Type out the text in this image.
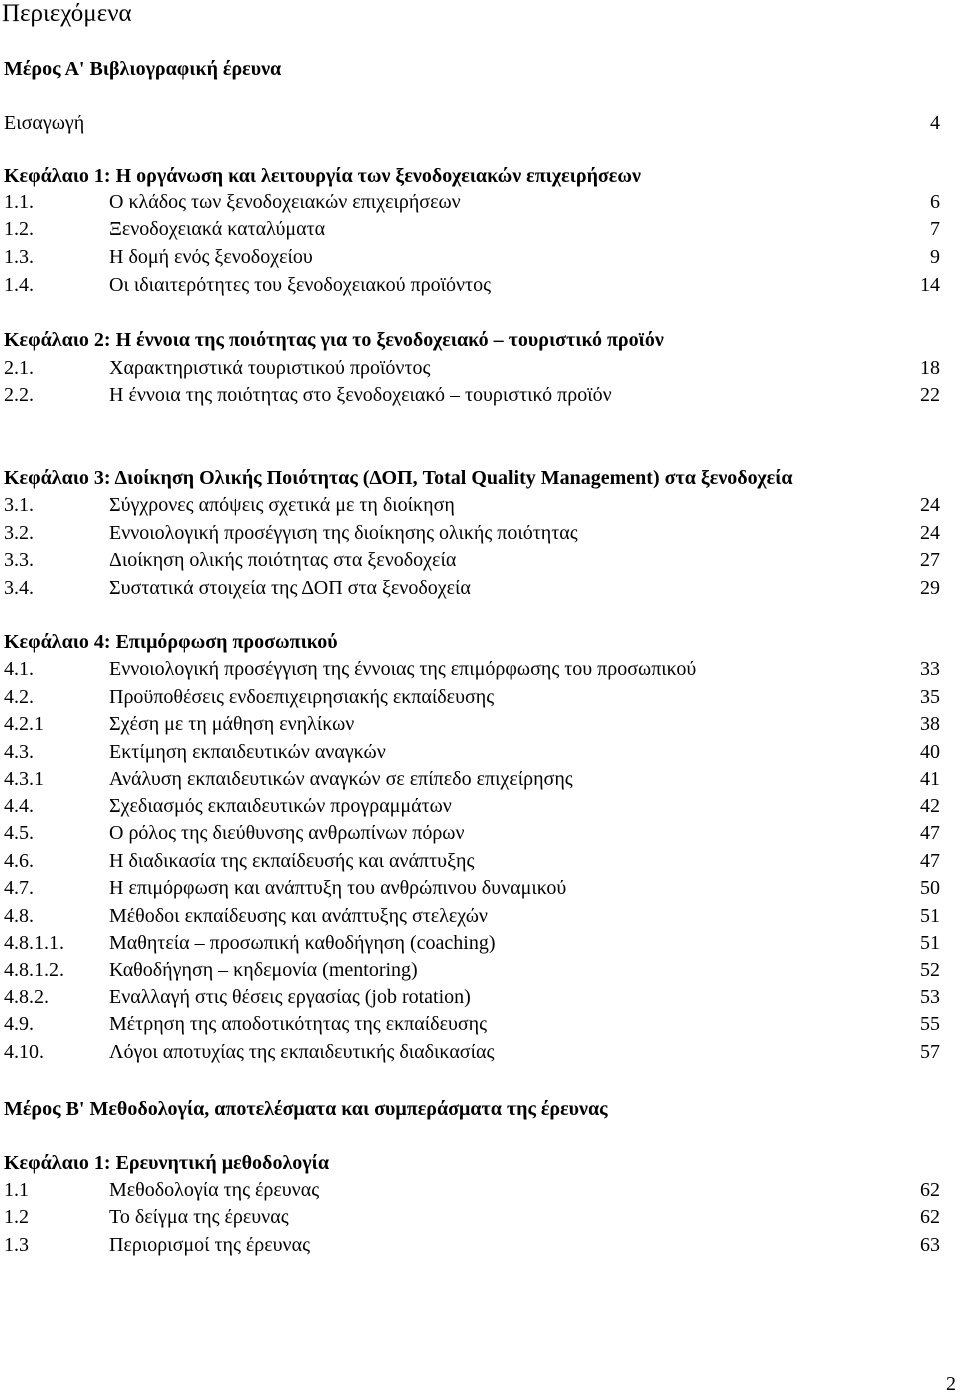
Περιεχόμενα
Μέρος Α' Βιβλιογραφική έρευνα
Εισαγωγή	4
Κεφάλαιο 1: Η οργάνωση και λειτουργία των ξενοδοχειακών επιχειρήσεων
1.1.	Ο κλάδος των ξενοδοχειακών επιχειρήσεων	6
1.2.	Ξενοδοχειακά καταλύματα	7
1.3.	Η δομή ενός ξενοδοχείου	9
1.4.	Οι ιδιαιτερότητες του ξενοδοχειακού προϊόντος	14
Κεφάλαιο 2: Η έννοια της ποιότητας για το ξενοδοχειακό – τουριστικό προϊόν
2.1.	Χαρακτηριστικά τουριστικού προϊόντος	18
2.2.	Η έννοια της ποιότητας στο ξενοδοχειακό – τουριστικό προϊόν	22
Κεφάλαιο 3: Διοίκηση Ολικής Ποιότητας (ΔΟΠ, Total Quality Management) στα ξενοδοχεία
3.1.	Σύγχρονες απόψεις σχετικά με τη διοίκηση	24
3.2.	Εννοιολογική προσέγγιση της διοίκησης ολικής ποιότητας	24
3.3.	Διοίκηση ολικής ποιότητας στα ξενοδοχεία	27
3.4.	Συστατικά στοιχεία της ΔΟΠ στα ξενοδοχεία	29
Κεφάλαιο 4: Επιμόρφωση προσωπικού
4.1.	Εννοιολογική προσέγγιση της έννοιας της επιμόρφωσης του προσωπικού	33
4.2.	Προϋποθέσεις ενδοεπιχειρησιακής εκπαίδευσης	35
4.2.1	Σχέση με τη μάθηση ενηλίκων	38
4.3.	Εκτίμηση εκπαιδευτικών αναγκών	40
4.3.1	Ανάλυση εκπαιδευτικών αναγκών σε επίπεδο επιχείρησης	41
4.4.	Σχεδιασμός εκπαιδευτικών προγραμμάτων	42
4.5.	Ο ρόλος της διεύθυνσης ανθρωπίνων πόρων	47
4.6.	Η διαδικασία της εκπαίδευσής και ανάπτυξης	47
4.7.	Η επιμόρφωση και ανάπτυξη του ανθρώπινου δυναμικού	50
4.8.	Μέθοδοι εκπαίδευσης και ανάπτυξης στελεχών	51
4.8.1.1. Μαθητεία – προσωπική καθοδήγηση (coaching)	51
4.8.1.2. Καθοδήγηση – κηδεμονία (mentoring)	52
4.8.2.	Εναλλαγή στις θέσεις εργασίας (job rotation)	53
4.9.	Μέτρηση της αποδοτικότητας της εκπαίδευσης	55
4.10.	Λόγοι αποτυχίας της εκπαιδευτικής διαδικασίας	57
Μέρος Β' Μεθοδολογία, αποτελέσματα και συμπεράσματα της έρευνας
Κεφάλαιο 1: Ερευνητική μεθοδολογία
1.1	Μεθοδολογία της έρευνας	62
1.2	Το δείγμα της έρευνας	62
1.3	Περιορισμοί της έρευνας	63
2
